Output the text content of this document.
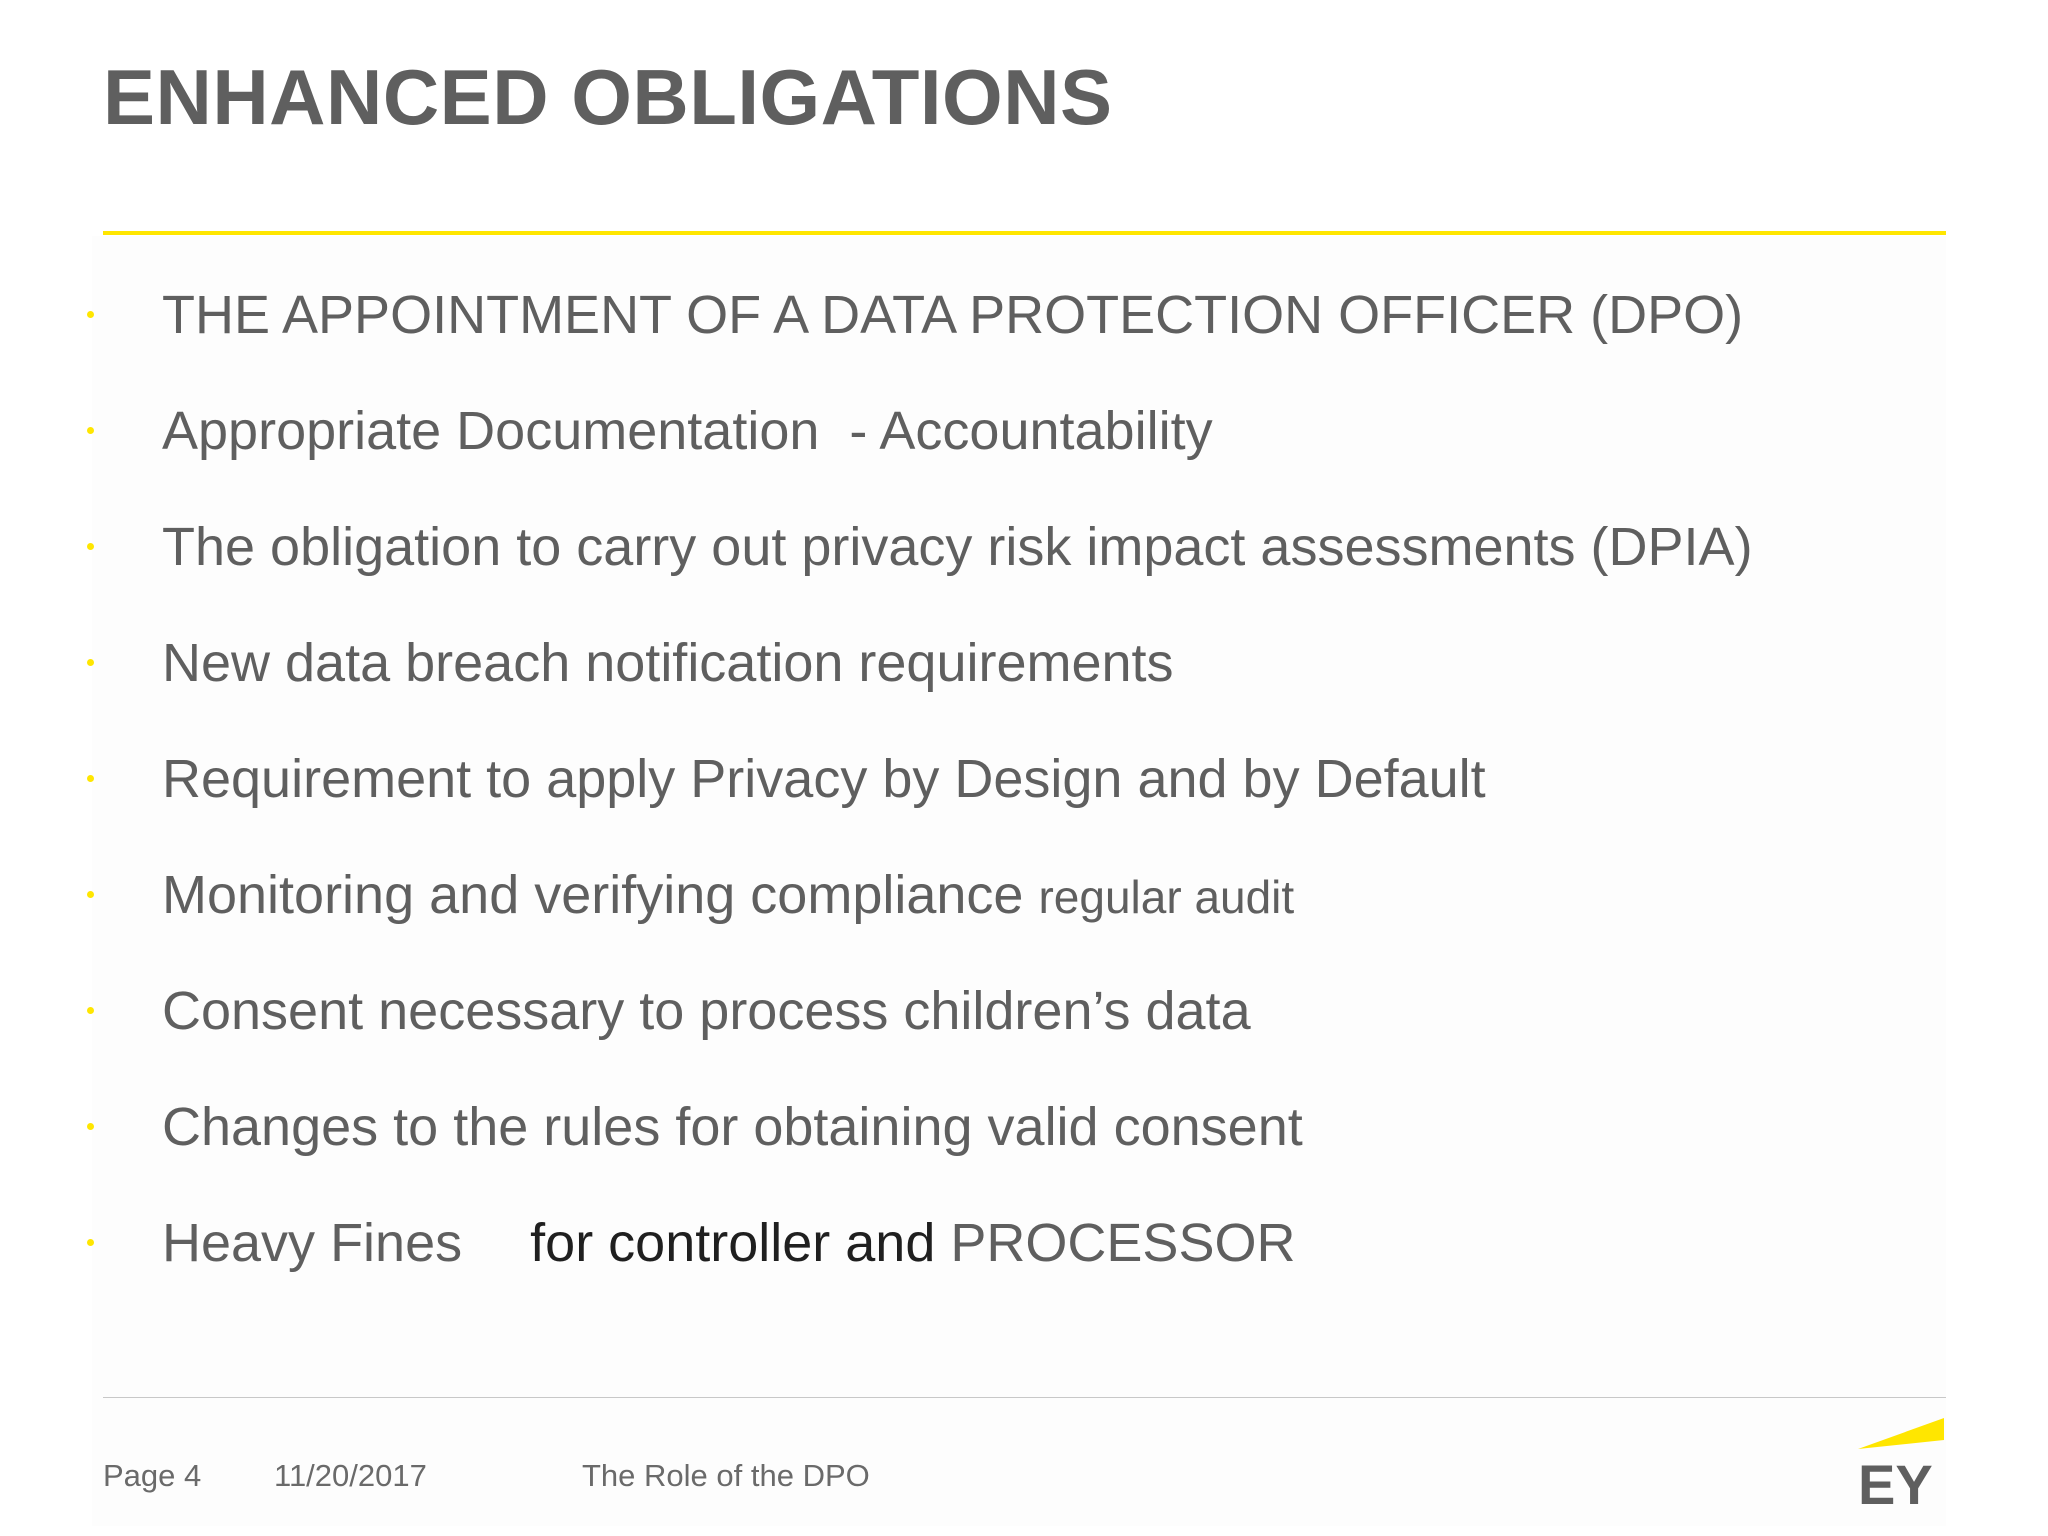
ENHANCED OBLIGATIONS
THE APPOINTMENT OF A DATA PROTECTION OFFICER (DPO)
Appropriate Documentation  - Accountability
The obligation to carry out privacy risk impact assessments (DPIA)
New data breach notification requirements
Requirement to apply Privacy by Design and by Default
Monitoring and verifying compliance regular audit
Consent necessary to process children’s data
Changes to the rules for obtaining valid consent
Heavy Fines for controller and PROCESSOR
Page 4 11/20/2017	The Role of the DPO	EY
